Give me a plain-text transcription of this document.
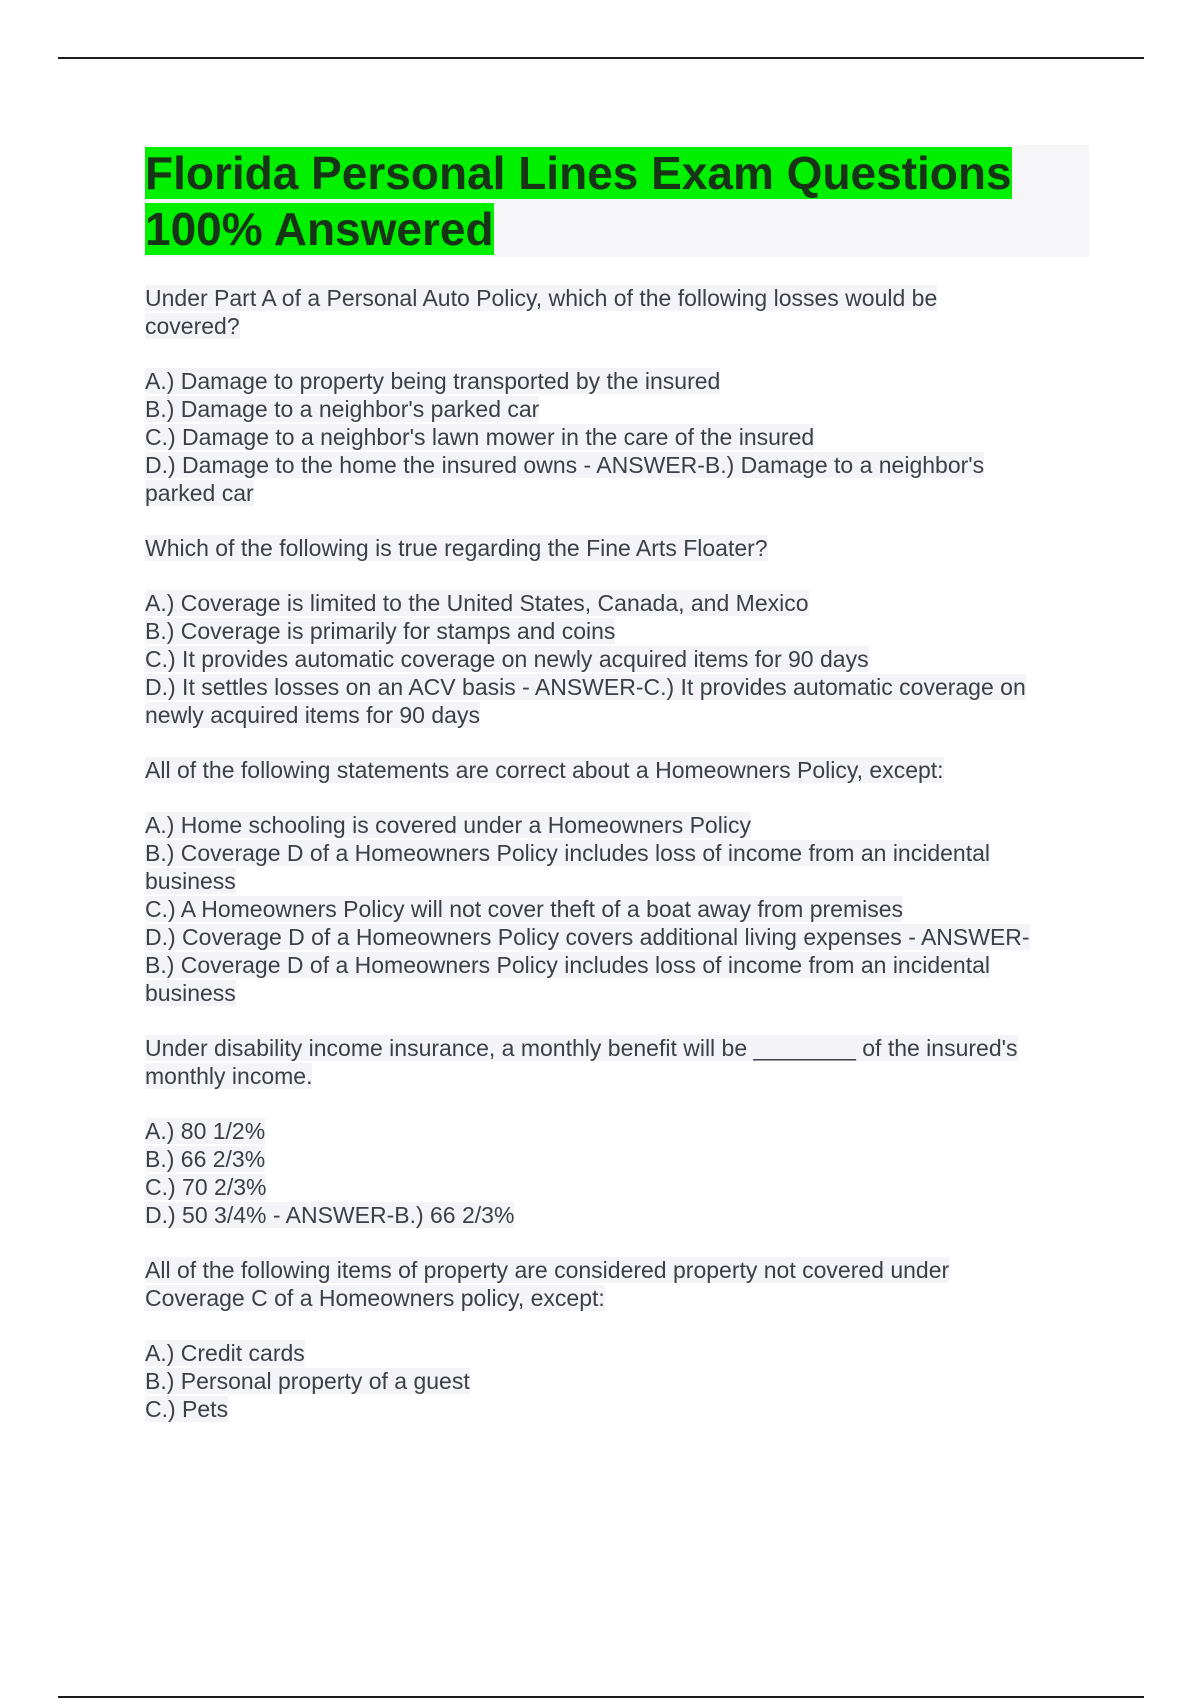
Florida Personal Lines Exam Questions
100% Answered
Under Part A of a Personal Auto Policy, which of the following losses would be
covered?
A.) Damage to property being transported by the insured
B.) Damage to a neighbor's parked car
C.) Damage to a neighbor's lawn mower in the care of the insured
D.) Damage to the home the insured owns - ANSWER-B.) Damage to a neighbor's
parked car
Which of the following is true regarding the Fine Arts Floater?
A.) Coverage is limited to the United States, Canada, and Mexico
B.) Coverage is primarily for stamps and coins
C.) It provides automatic coverage on newly acquired items for 90 days
D.) It settles losses on an ACV basis - ANSWER-C.) It provides automatic coverage on
newly acquired items for 90 days
All of the following statements are correct about a Homeowners Policy, except:
A.) Home schooling is covered under a Homeowners Policy
B.) Coverage D of a Homeowners Policy includes loss of income from an incidental
business
C.) A Homeowners Policy will not cover theft of a boat away from premises
D.) Coverage D of a Homeowners Policy covers additional living expenses - ANSWER-
B.) Coverage D of a Homeowners Policy includes loss of income from an incidental
business
Under disability income insurance, a monthly benefit will be ________ of the insured's
monthly income.
A.) 80 1/2%
B.) 66 2/3%
C.) 70 2/3%
D.) 50 3/4% - ANSWER-B.) 66 2/3%
All of the following items of property are considered property not covered under
Coverage C of a Homeowners policy, except:
A.) Credit cards
B.) Personal property of a guest
C.) Pets
